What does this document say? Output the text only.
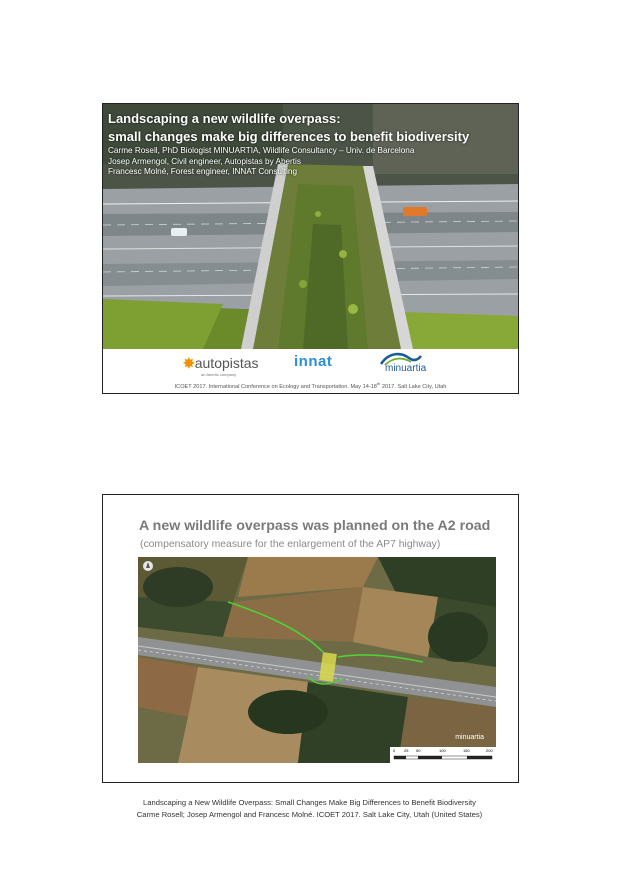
Landscaping a new wildlife overpass:

small changes make big differences to benefit biodiversity

Carme Rosell, PhD Biologist MINUARTIA, Wildlife Consultancy – Univ. de Barcelona
Josep Armengol, Civil engineer, Autopistas by Abertis
Francesc Molné, Forest engineer, INNAT Consulting
✸autopistas
an Abertis company
innat	minuartia
ICOET 2017. International Conference on Ecology and Transportation. May 14-18th 2017. Salt Lake City, Utah

A new wildlife overpass was planned on the A2 road

(compensatory measure for the enlargement of the AP7 highway)
minuartia
0 25 50	100	150	200
Landscaping a New Wildlife Overpass: Small Changes Make Big Differences to Benefit Biodiversity
Carme Rosell; Josep Armengol and Francesc Molné. ICOET 2017. Salt Lake City, Utah (United States)
